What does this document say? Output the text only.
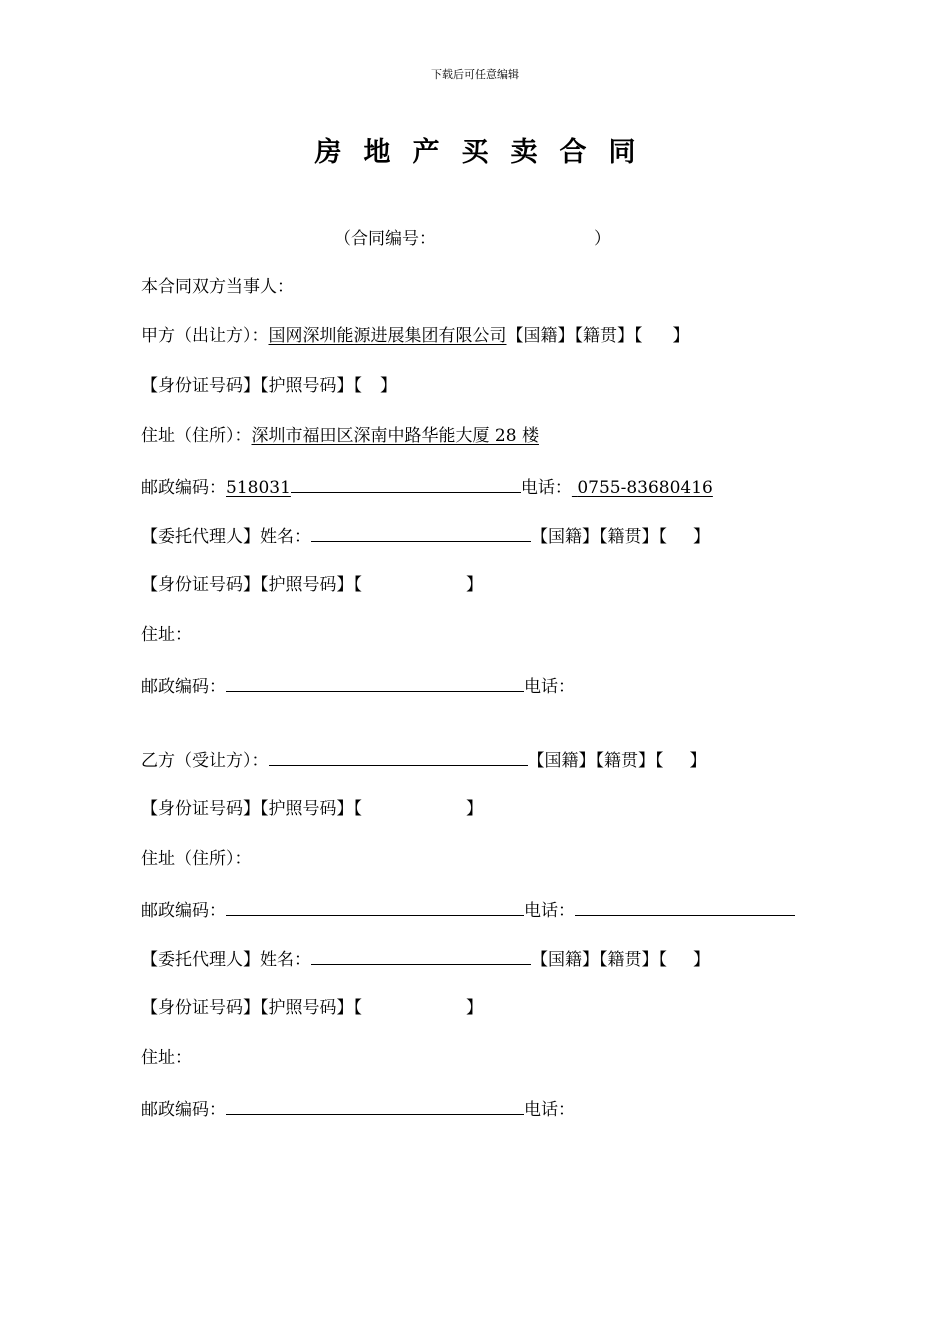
下载后可任意编辑
房地产买卖合同
（合同编号：	）
本合同双方当事人：
甲方（出让方）：国网深圳能源进展集团有限公司【国籍】【籍贯】【 】
【身份证号码】【护照号码】【 】
住址（住所）：深圳市福田区深南中路华能大厦 28 楼
邮政编码：518031	电话： 0755-83680416
【委托代理人】姓名：	【国籍】【籍贯】【 】
【身份证号码】【护照号码】【	】
住址：
邮政编码：	电话：
乙方（受让方）：	【国籍】【籍贯】【 】
【身份证号码】【护照号码】【	】
住址（住所）：
邮政编码：	电话：
【委托代理人】姓名：	【国籍】【籍贯】【 】
【身份证号码】【护照号码】【	】
住址：
邮政编码：	电话：
